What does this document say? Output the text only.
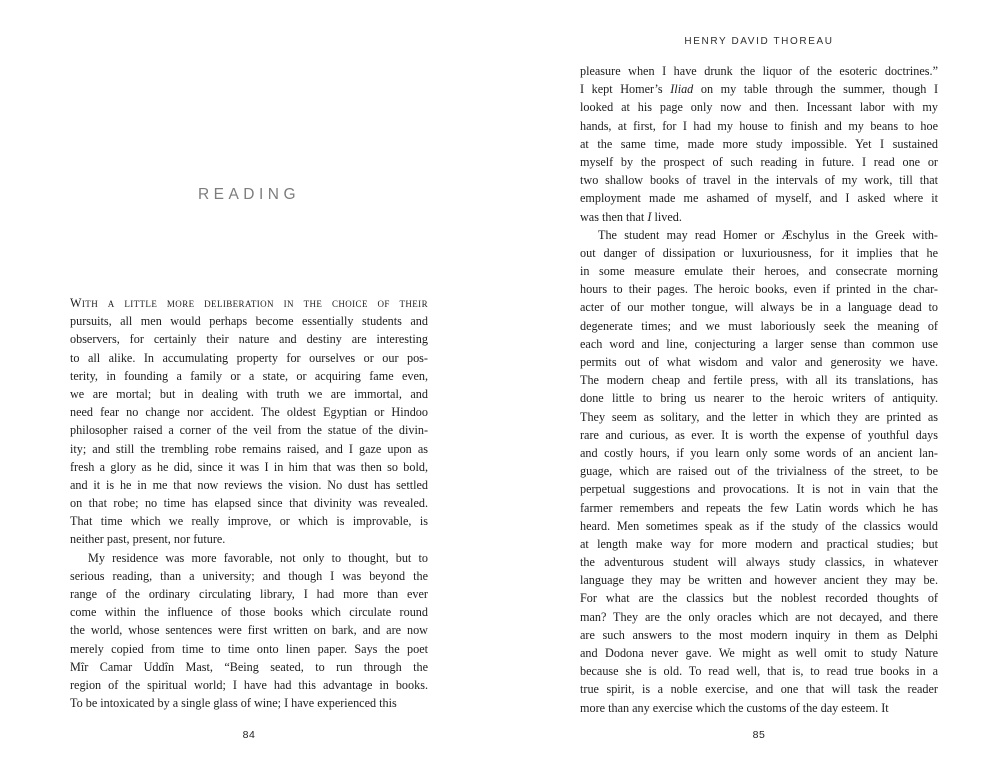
READING
With a little more deliberation in the choice of their
pursuits, all men would perhaps become essentially students and
observers, for certainly their nature and destiny are interesting
to all alike. In accumulating property for ourselves or our pos-
terity, in founding a family or a state, or acquiring fame even,
we are mortal; but in dealing with truth we are immortal, and
need fear no change nor accident. The oldest Egyptian or Hindoo
philosopher raised a corner of the veil from the statue of the divin-
ity; and still the trembling robe remains raised, and I gaze upon as
fresh a glory as he did, since it was I in him that was then so bold,
and it is he in me that now reviews the vision. No dust has settled
on that robe; no time has elapsed since that divinity was revealed.
That time which we really improve, or which is improvable, is
neither past, present, nor future.
My residence was more favorable, not only to thought, but to
serious reading, than a university; and though I was beyond the
range of the ordinary circulating library, I had more than ever
come within the influence of those books which circulate round
the world, whose sentences were first written on bark, and are now
merely copied from time to time onto linen paper. Says the poet
Mîr Camar Uddîn Mast, “Being seated, to run through the
region of the spiritual world; I have had this advantage in books.
To be intoxicated by a single glass of wine; I have experienced this
84
HENRY DAVID THOREAU
pleasure when I have drunk the liquor of the esoteric doctrines.”
I kept Homer’s Iliad on my table through the summer, though I
looked at his page only now and then. Incessant labor with my
hands, at first, for I had my house to finish and my beans to hoe
at the same time, made more study impossible. Yet I sustained
myself by the prospect of such reading in future. I read one or
two shallow books of travel in the intervals of my work, till that
employment made me ashamed of myself, and I asked where it
was then that I lived.
The student may read Homer or Æschylus in the Greek with-
out danger of dissipation or luxuriousness, for it implies that he
in some measure emulate their heroes, and consecrate morning
hours to their pages. The heroic books, even if printed in the char-
acter of our mother tongue, will always be in a language dead to
degenerate times; and we must laboriously seek the meaning of
each word and line, conjecturing a larger sense than common use
permits out of what wisdom and valor and generosity we have.
The modern cheap and fertile press, with all its translations, has
done little to bring us nearer to the heroic writers of antiquity.
They seem as solitary, and the letter in which they are printed as
rare and curious, as ever. It is worth the expense of youthful days
and costly hours, if you learn only some words of an ancient lan-
guage, which are raised out of the trivialness of the street, to be
perpetual suggestions and provocations. It is not in vain that the
farmer remembers and repeats the few Latin words which he has
heard. Men sometimes speak as if the study of the classics would
at length make way for more modern and practical studies; but
the adventurous student will always study classics, in whatever
language they may be written and however ancient they may be.
For what are the classics but the noblest recorded thoughts of
man? They are the only oracles which are not decayed, and there
are such answers to the most modern inquiry in them as Delphi
and Dodona never gave. We might as well omit to study Nature
because she is old. To read well, that is, to read true books in a
true spirit, is a noble exercise, and one that will task the reader
more than any exercise which the customs of the day esteem. It
85
